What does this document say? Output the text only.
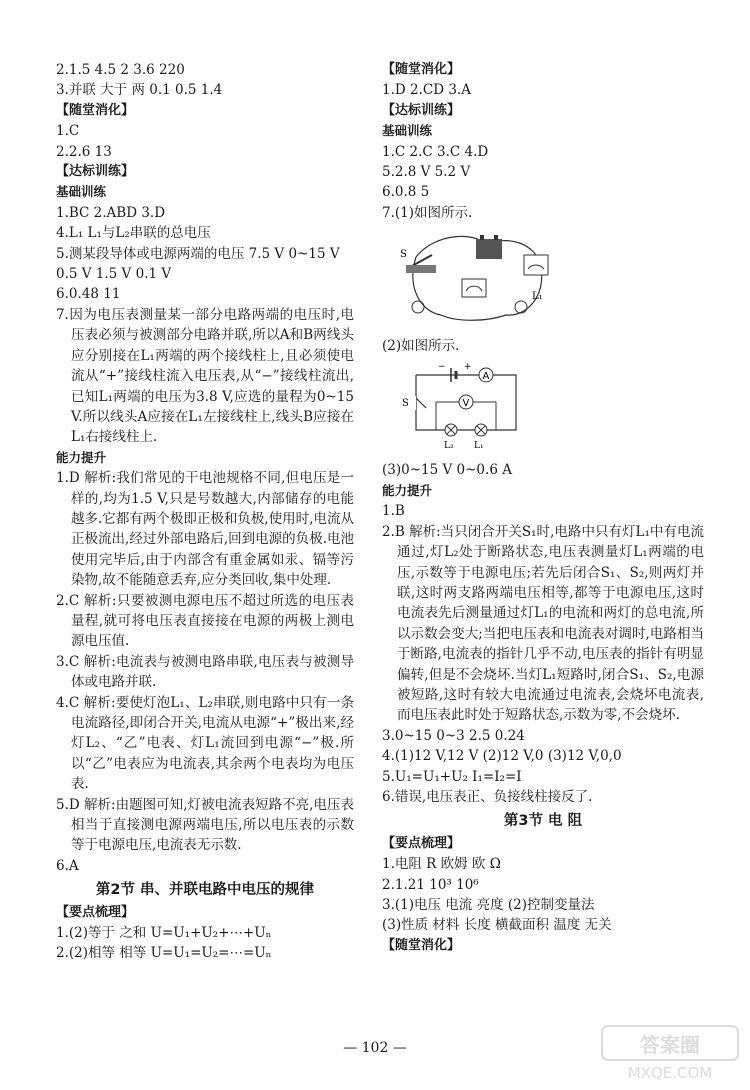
2.1.5 4.5 2 3.6 220
3.并联 大于 两 0.1 0.5 1.4
【随堂消化】
1.C
2.2.6 13
【达标训练】
基础训练
1.BC 2.ABD 3.D
4.L₁ L₁与L₂串联的总电压
5.测某段导体或电源两端的电压 7.5 V 0~15 V
0.5 V 1.5 V 0.1 V
6.0.48 11
7.因为电压表测量某一部分电路两端的电压时,电压表必须与被测部分电路并联,所以A和B两线头应分别接在L₁两端的两个接线柱上,且必须使电流从“+”接线柱流入电压表,从“−”接线柱流出,已知L₁两端的电压为3.8 V,应选的量程为0~15 V.所以线头A应接在L₁左接线柱上,线头B应接在L₁右接线柱上.
能力提升
1.D 解析:我们常见的干电池规格不同,但电压是一样的,均为1.5 V,只是号数越大,内部储存的电能越多.它都有两个极即正极和负极,使用时,电流从正极流出,经过外部电路后,回到电源的负极.电池使用完毕后,由于内部含有重金属如汞、镉等污染物,故不能随意丢弃,应分类回收,集中处理.
2.C 解析:只要被测电源电压不超过所选的电压表量程,就可将电压表直接接在电源的两极上测电源电压值.
3.C 解析:电流表与被测电路串联,电压表与被测导体或电路并联.
4.C 解析:要使灯泡L₁、L₂串联,则电路中只有一条电流路径,即闭合开关,电流从电源“+”极出来,经灯L₂、“乙”电表、灯L₁流回到电源“−”极.所以“乙”电表应为电流表,其余两个电表均为电压表.
5.D 解析:由题图可知,灯被电流表短路不亮,电压表相当于直接测电源两端电压,所以电压表的示数等于电源电压,电流表无示数.
6.A
第2节 串、并联电路中电压的规律
【要点梳理】
1.(2)等于 之和 U=U₁+U₂+⋯+Uₙ
2.(2)相等 相等 U=U₁=U₂=⋯=Uₙ
【随堂消化】
1.D 2.CD 3.A
【达标训练】
基础训练
1.C 2.C 3.C 4.D
5.2.8 V 5.2 V
6.0.8 5
7.(1)如图所示.
S
L₁
(2)如图所示.
A
+
−
S	V
L₂ L₁
(3)0~15 V 0~0.6 A
能力提升
1.B
2.B 解析:当只闭合开关S₁时,电路中只有灯L₁中有电流通过,灯L₂处于断路状态,电压表测量灯L₁两端的电压,示数等于电源电压;若先后闭合S₁、S₂,则两灯并联,这时两支路两端电压相等,都等于电源电压,这时电流表先后测量通过灯L₁的电流和两灯的总电流,所以示数会变大;当把电压表和电流表对调时,电路相当于断路,电流表的指针几乎不动,电压表的指针有明显偏转,但是不会烧坏.当灯L₁短路时,闭合S₁、S₂,电源被短路,这时有较大电流通过电流表,会烧坏电流表,而电压表此时处于短路状态,示数为零,不会烧坏.
3.0~15 0~3 2.5 0.24
4.(1)12 V,12 V (2)12 V,0 (3)12 V,0,0
5.U₁=U₁+U₂ I₁=I₂=I
6.错误,电压表正、负接线柱接反了.
第3节 电 阻
【要点梳理】
1.电阻 R 欧姆 欧 Ω
2.1.21 10³ 10⁶
3.(1)电压 电流 亮度 (2)控制变量法
(3)性质 材料 长度 横截面积 温度 无关
【随堂消化】
— 102 —	答案圈
MXQE.COM
